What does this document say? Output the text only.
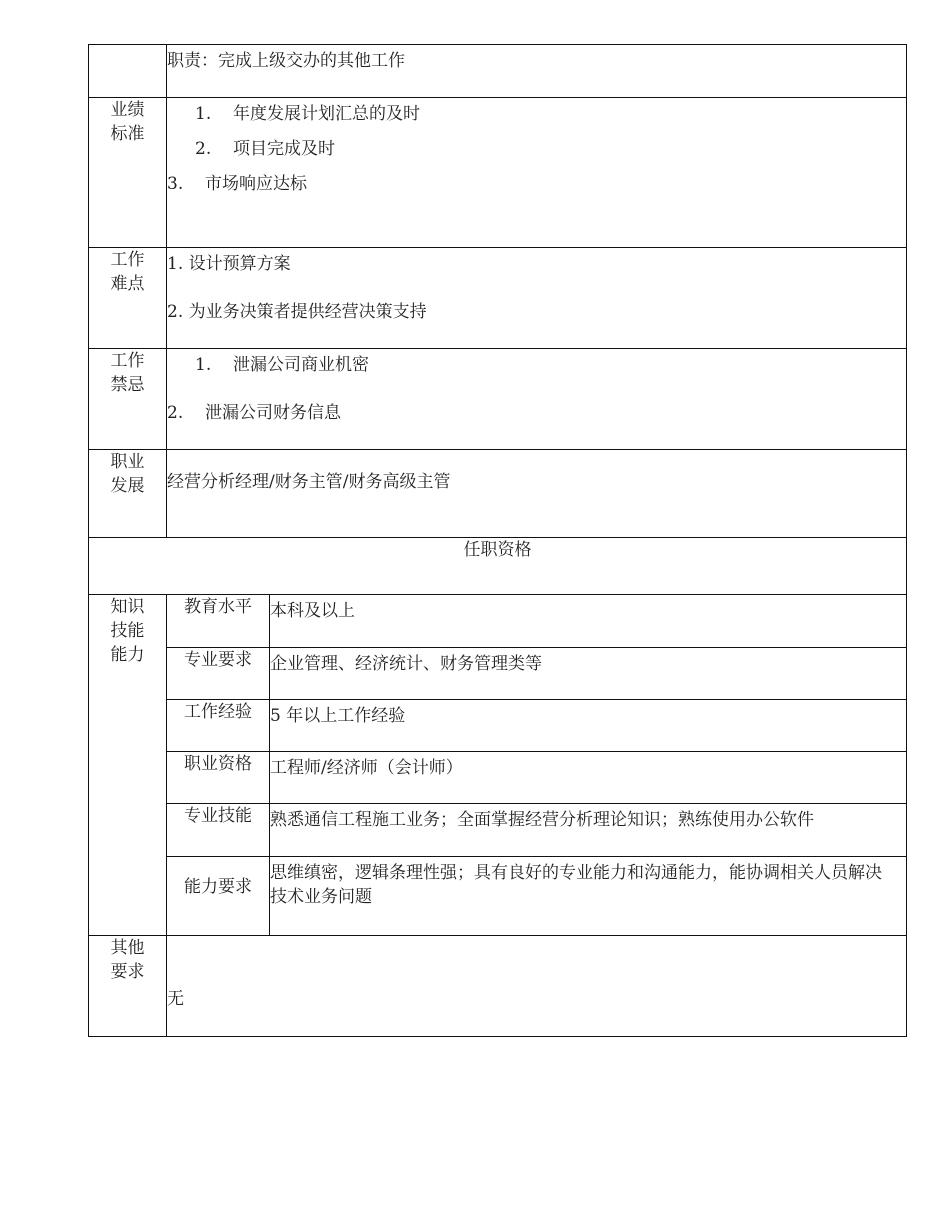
	职责：完成上级交办的其他工作	

业绩
标准	1. 年度发展计划汇总的及时
2. 项目完成及时
3. 市场响应达标	

工作
难点	1. 设计预算方案
2. 为业务决策者提供经营决策支持	

工作
禁忌	1. 泄漏公司商业机密
2. 泄漏公司财务信息	

职业
发展	经营分析经理/财务主管/财务高级主管	

任职资格		

知识
技能
能力	教育水平	本科及以上

	专业要求	企业管理、经济统计、财务管理类等

	工作经验	5 年以上工作经验

	职业资格	工程师/经济师（会计师）

	专业技能	熟悉通信工程施工业务；全面掌握经营分析理论知识；熟练使用办公软件

	能力要求	思维缜密，逻辑条理性强；具有良好的专业能力和沟通能力，能协调相关人员解决技术业务问题

其他
要求	无	
